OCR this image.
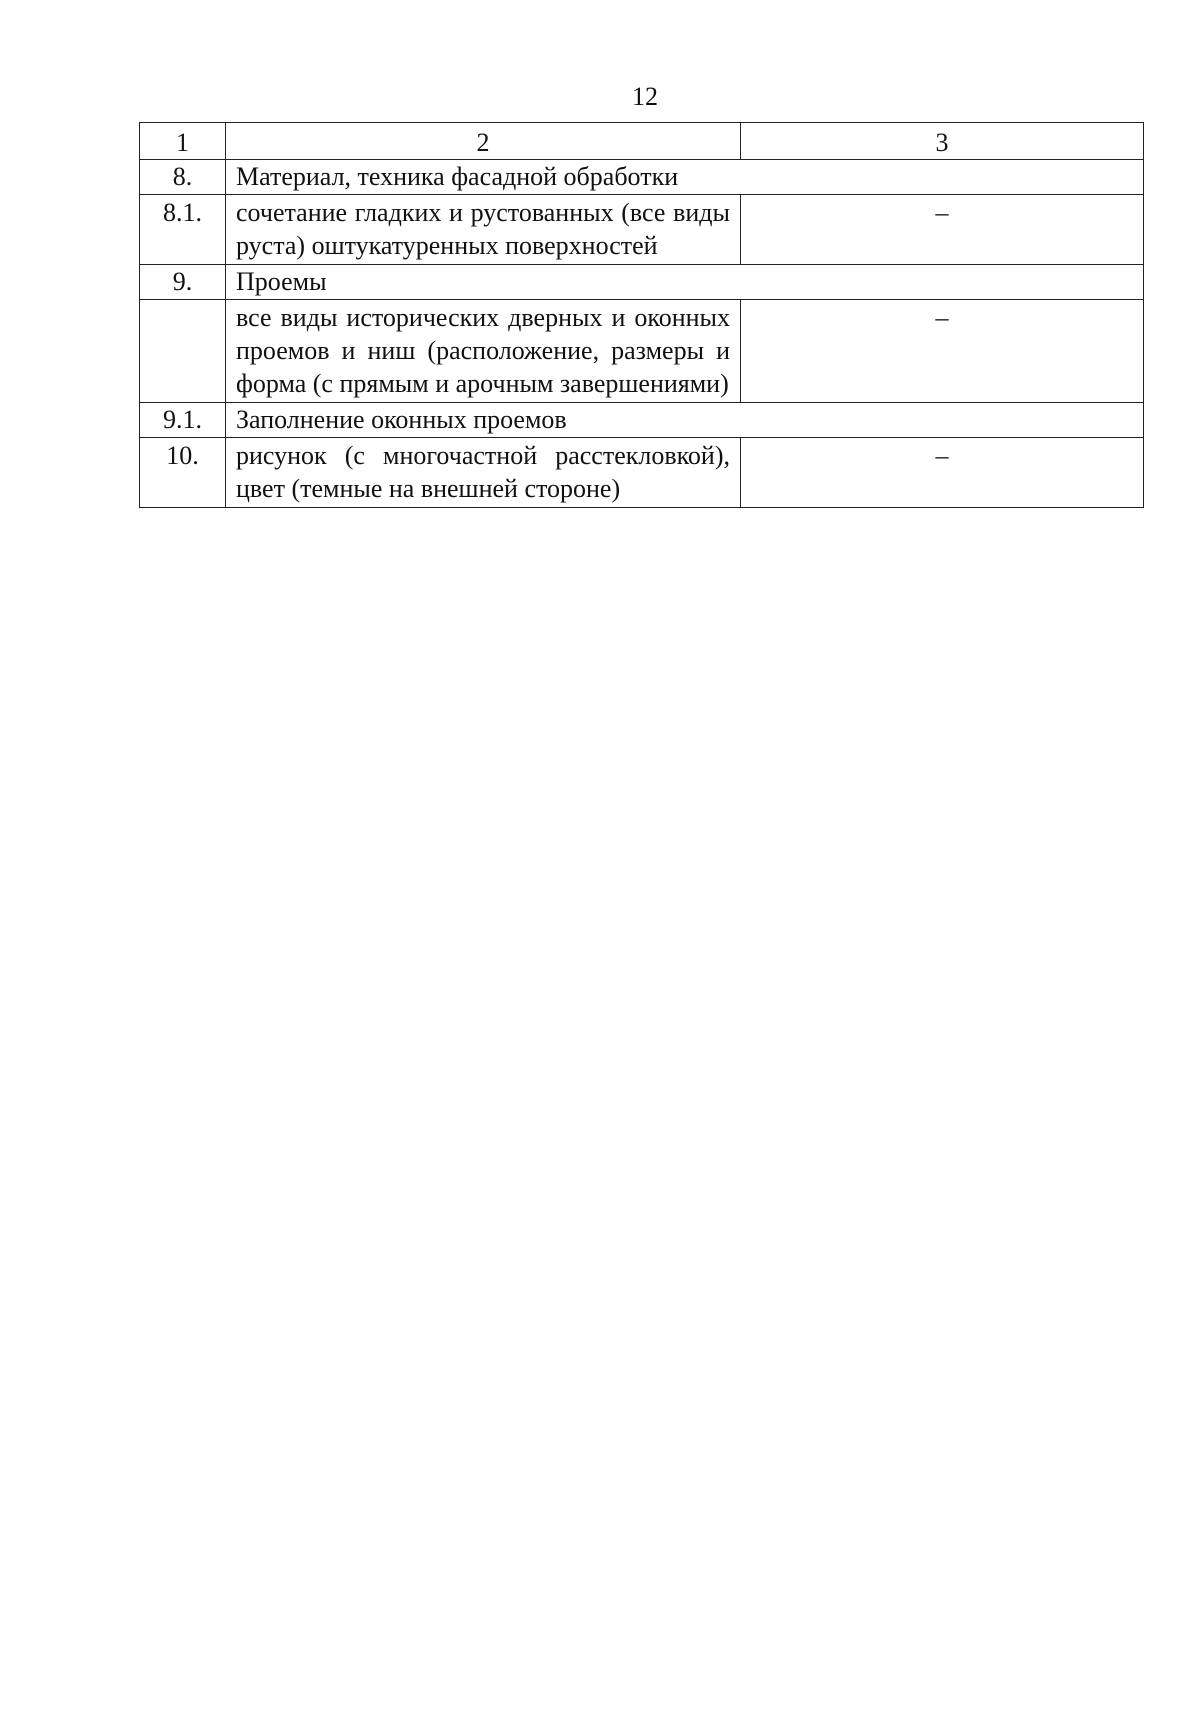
12
1	2	3
8.	Материал, техника фасадной обработки	
8.1.	сочетание гладких и рустованных (все виды руста) оштукатуренных поверхностей	–
9.	Проемы	
	все виды исторических дверных и оконных проемов и ниш (расположение, размеры и форма (с прямым и арочным завершениями)	–
9.1.	Заполнение оконных проемов	
10.	рисунок (с многочастной расстекловкой), цвет (темные на внешней стороне)	–
